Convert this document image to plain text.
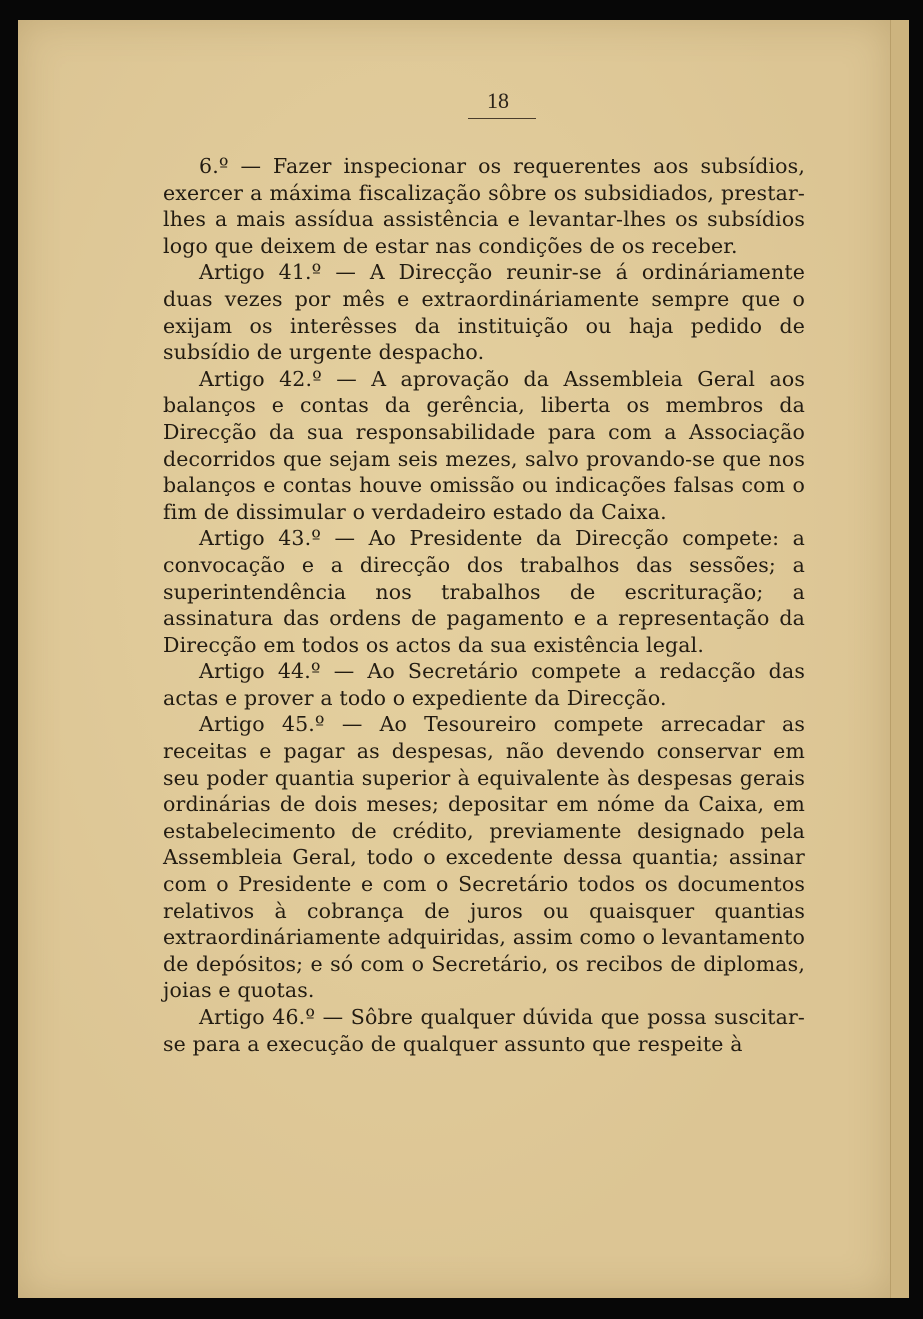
18

6.º — Fazer inspecionar os requerentes aos subsídios, exercer a máxima fiscalização sôbre os subsidiados, prestar-lhes a mais assídua assistência e levantar-lhes os subsídios logo que deixem de estar nas condições de os receber.

Artigo 41.º — A Direcção reunir-se á ordináriamente duas vezes por mês e extraordináriamente sempre que o exijam os interêsses da instituição ou haja pedido de subsídio de urgente despacho.

Artigo 42.º — A aprovação da Assembleia Geral aos balanços e contas da gerência, liberta os membros da Direcção da sua responsabilidade para com a Associação decorridos que sejam seis mezes, salvo provando-se que nos balanços e contas houve omissão ou indicações falsas com o fim de dissimular o verdadeiro estado da Caixa.

Artigo 43.º — Ao Presidente da Direcção compete: a convocação e a direcção dos trabalhos das sessões; a superintendência nos trabalhos de escrituração; a assinatura das ordens de pagamento e a representação da Direcção em todos os actos da sua existência legal.

Artigo 44.º — Ao Secretário compete a redacção das actas e prover a todo o expediente da Direcção.

Artigo 45.º — Ao Tesoureiro compete arrecadar as receitas e pagar as despesas, não devendo conservar em seu poder quantia superior à equivalente às despesas gerais ordinárias de dois meses; depositar em nóme da Caixa, em estabelecimento de crédito, previamente designado pela Assembleia Geral, todo o excedente dessa quantia; assinar com o Presidente e com o Secretário todos os documentos relativos à cobrança de juros ou quaisquer quantias extraordináriamente adquiridas, assim como o levantamento de depósitos; e só com o Secretário, os recibos de diplomas, joias e quotas.

Artigo 46.º — Sôbre qualquer dúvida que possa suscitar-se para a execução de qualquer assunto que respeite à
